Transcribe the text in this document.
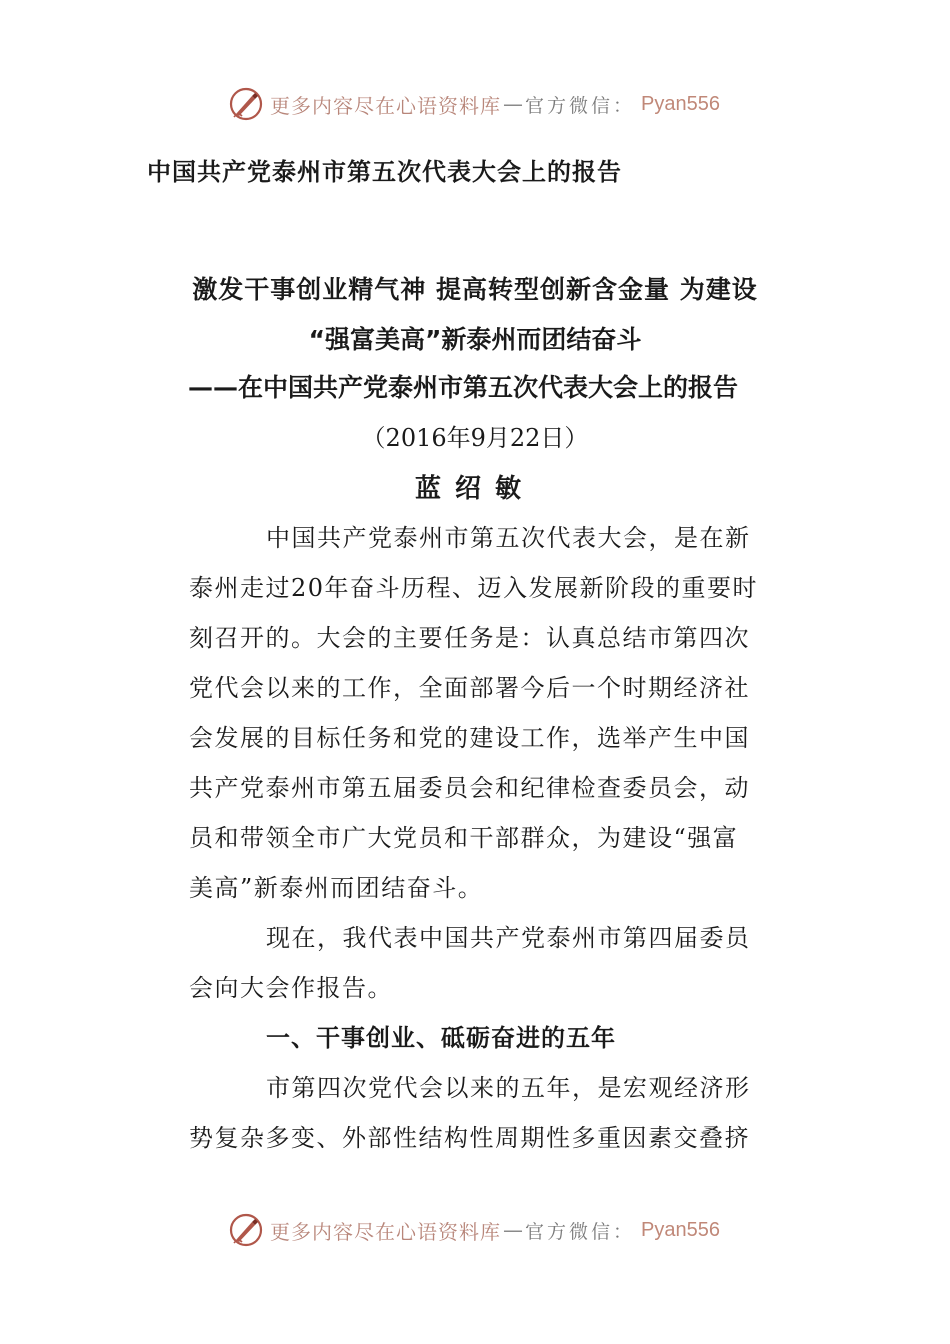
更多内容尽在心语资料库 — 官方微信： Pyan556
中国共产党泰州市第五次代表大会上的报告
激发干事创业精气神 提高转型创新含金量 为建设
“强富美高”新泰州而团结奋斗
——在中国共产党泰州市第五次代表大会上的报告
（2016年9月22日）
蓝绍敏
中国共产党泰州市第五次代表大会，是在新
泰州走过20年奋斗历程、迈入发展新阶段的重要时
刻召开的。大会的主要任务是：认真总结市第四次
党代会以来的工作，全面部署今后一个时期经济社
会发展的目标任务和党的建设工作，选举产生中国
共产党泰州市第五届委员会和纪律检查委员会，动
员和带领全市广大党员和干部群众，为建设“强富
美高”新泰州而团结奋斗。
现在，我代表中国共产党泰州市第四届委员
会向大会作报告。
一、干事创业、砥砺奋进的五年
市第四次党代会以来的五年，是宏观经济形
势复杂多变、外部性结构性周期性多重因素交叠挤
更多内容尽在心语资料库 — 官方微信： Pyan556
